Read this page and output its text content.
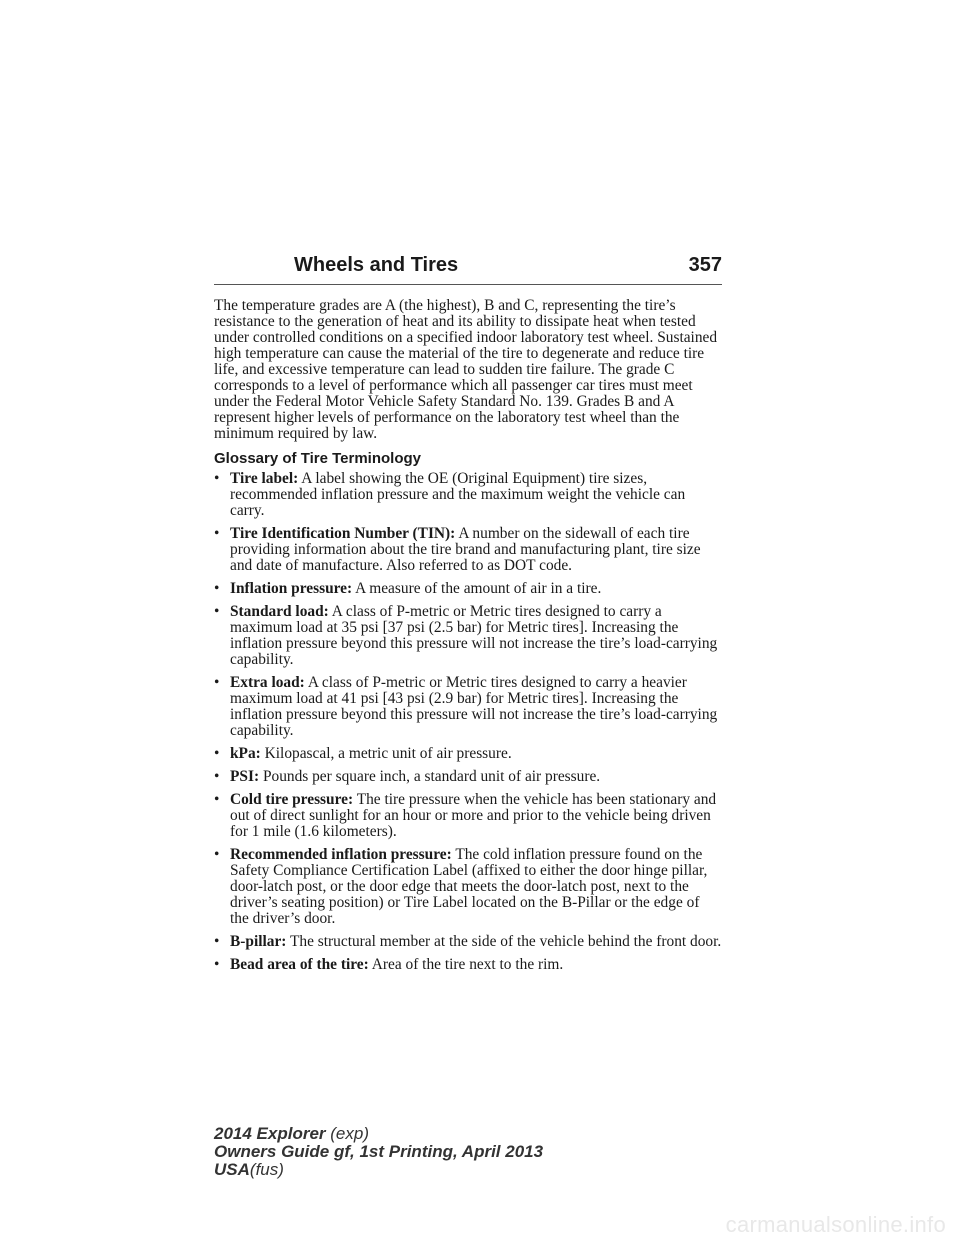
Wheels and Tires	357

The temperature grades are A (the highest), B and C, representing the tire’s resistance to the generation of heat and its ability to dissipate heat when tested under controlled conditions on a specified indoor laboratory test wheel. Sustained high temperature can cause the material of the tire to degenerate and reduce tire life, and excessive temperature can lead to sudden tire failure. The grade C corresponds to a level of performance which all passenger car tires must meet under the Federal Motor Vehicle Safety Standard No. 139. Grades B and A represent higher levels of performance on the laboratory test wheel than the minimum required by law.

Glossary of Tire Terminology

• Tire label: A label showing the OE (Original Equipment) tire sizes, recommended inflation pressure and the maximum weight the vehicle can carry.
• Tire Identification Number (TIN): A number on the sidewall of each tire providing information about the tire brand and manufacturing plant, tire size and date of manufacture. Also referred to as DOT code.
• Inflation pressure: A measure of the amount of air in a tire.
• Standard load: A class of P-metric or Metric tires designed to carry a maximum load at 35 psi [37 psi (2.5 bar) for Metric tires]. Increasing the inflation pressure beyond this pressure will not increase the tire’s load-carrying capability.
• Extra load: A class of P-metric or Metric tires designed to carry a heavier maximum load at 41 psi [43 psi (2.9 bar) for Metric tires]. Increasing the inflation pressure beyond this pressure will not increase the tire’s load-carrying capability.
• kPa: Kilopascal, a metric unit of air pressure.
• PSI: Pounds per square inch, a standard unit of air pressure.
• Cold tire pressure: The tire pressure when the vehicle has been stationary and out of direct sunlight for an hour or more and prior to the vehicle being driven for 1 mile (1.6 kilometers).
• Recommended inflation pressure: The cold inflation pressure found on the Safety Compliance Certification Label (affixed to either the door hinge pillar, door-latch post, or the door edge that meets the door-latch post, next to the driver’s seating position) or Tire Label located on the B-Pillar or the edge of the driver’s door.
• B-pillar: The structural member at the side of the vehicle behind the front door.
• Bead area of the tire: Area of the tire next to the rim.
2014 Explorer (exp)
Owners Guide gf, 1st Printing, April 2013
USA(fus)
carmanualsonline.info
